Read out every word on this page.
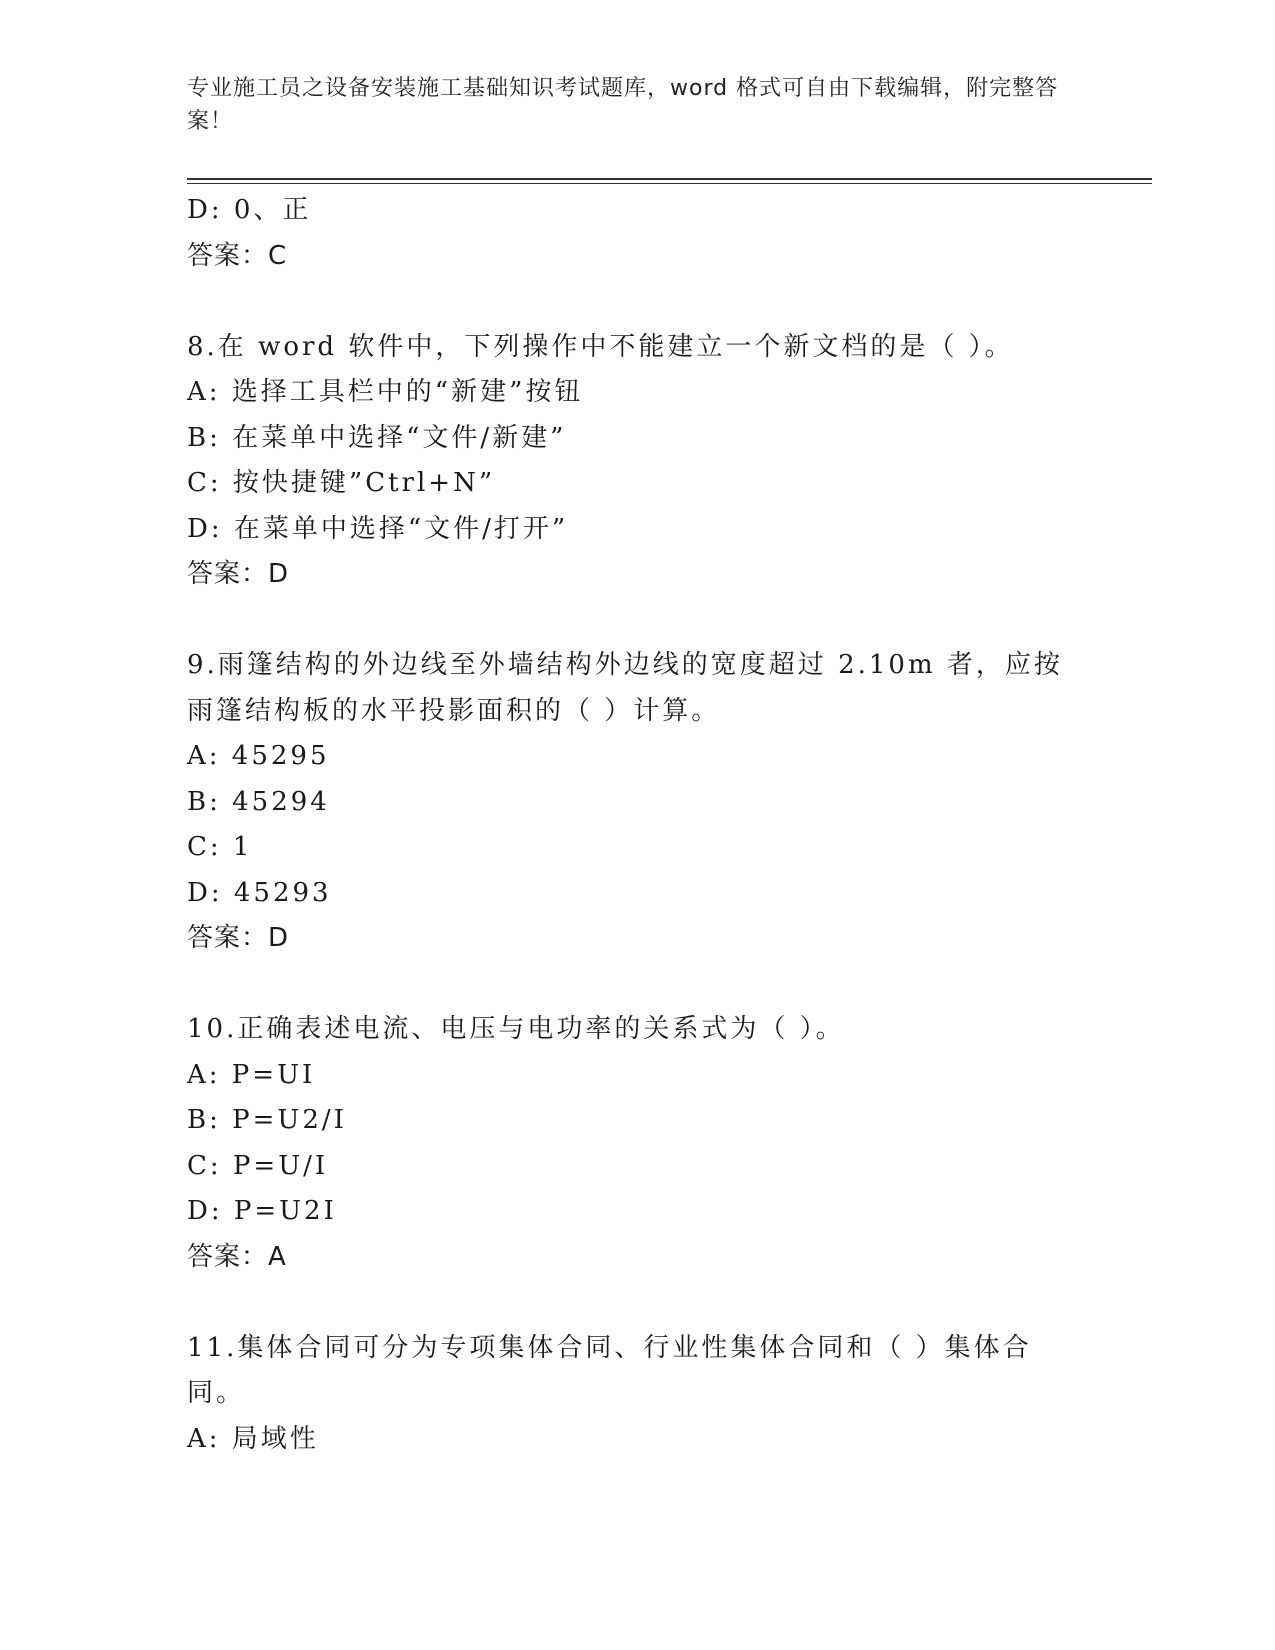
专业施工员之设备安装施工基础知识考试题库，word 格式可自由下载编辑，附完整答案！

D: 0、正

答案：C

8.在 word 软件中，下列操作中不能建立一个新文档的是（ ）。

A: 选择工具栏中的“新建”按钮

B: 在菜单中选择“文件/新建”

C: 按快捷键”Ctrl+N”

D: 在菜单中选择“文件/打开”

答案：D

9.雨篷结构的外边线至外墙结构外边线的宽度超过 2.10m 者，应按雨篷结构板的水平投影面积的（ ）计算。

A: 45295

B: 45294

C: 1

D: 45293

答案：D

10.正确表述电流、电压与电功率的关系式为（ ）。

A: P=UI

B: P=U2/I

C: P=U/I

D: P=U2I

答案：A

11.集体合同可分为专项集体合同、行业性集体合同和（ ）集体合同。

A: 局域性
